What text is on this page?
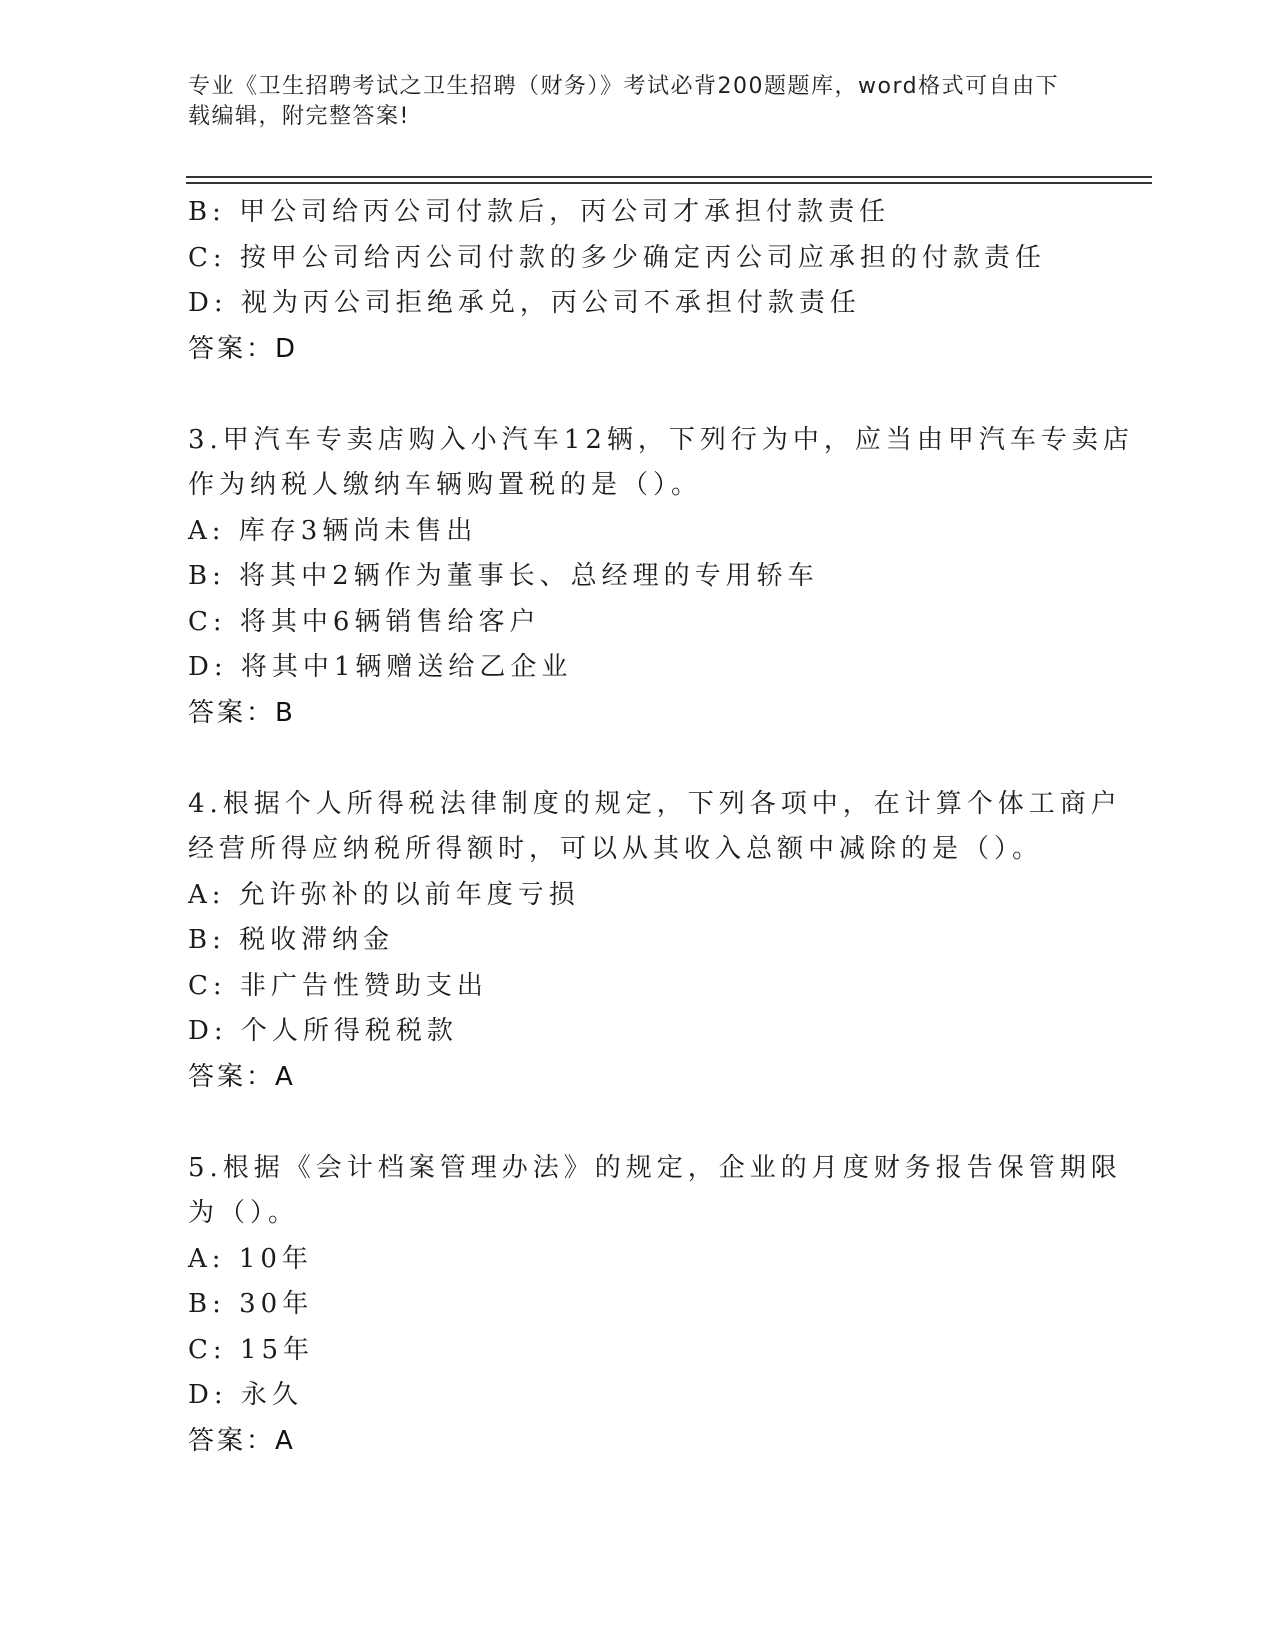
专业《卫生招聘考试之卫生招聘（财务）》考试必背200题题库，word格式可自由下载编辑，附完整答案!
B: 甲公司给丙公司付款后，丙公司才承担付款责任
C: 按甲公司给丙公司付款的多少确定丙公司应承担的付款责任
D: 视为丙公司拒绝承兑，丙公司不承担付款责任
答案：D
3.甲汽车专卖店购入小汽车12辆，下列行为中，应当由甲汽车专卖店
作为纳税人缴纳车辆购置税的是（）。
A: 库存3辆尚未售出
B: 将其中2辆作为董事长、总经理的专用轿车
C: 将其中6辆销售给客户
D: 将其中1辆赠送给乙企业
答案：B
4.根据个人所得税法律制度的规定，下列各项中，在计算个体工商户
经营所得应纳税所得额时，可以从其收入总额中减除的是（）。
A: 允许弥补的以前年度亏损
B: 税收滞纳金
C: 非广告性赞助支出
D: 个人所得税税款
答案：A
5.根据《会计档案管理办法》的规定，企业的月度财务报告保管期限
为（）。
A: 10年
B: 30年
C: 15年
D: 永久
答案：A
